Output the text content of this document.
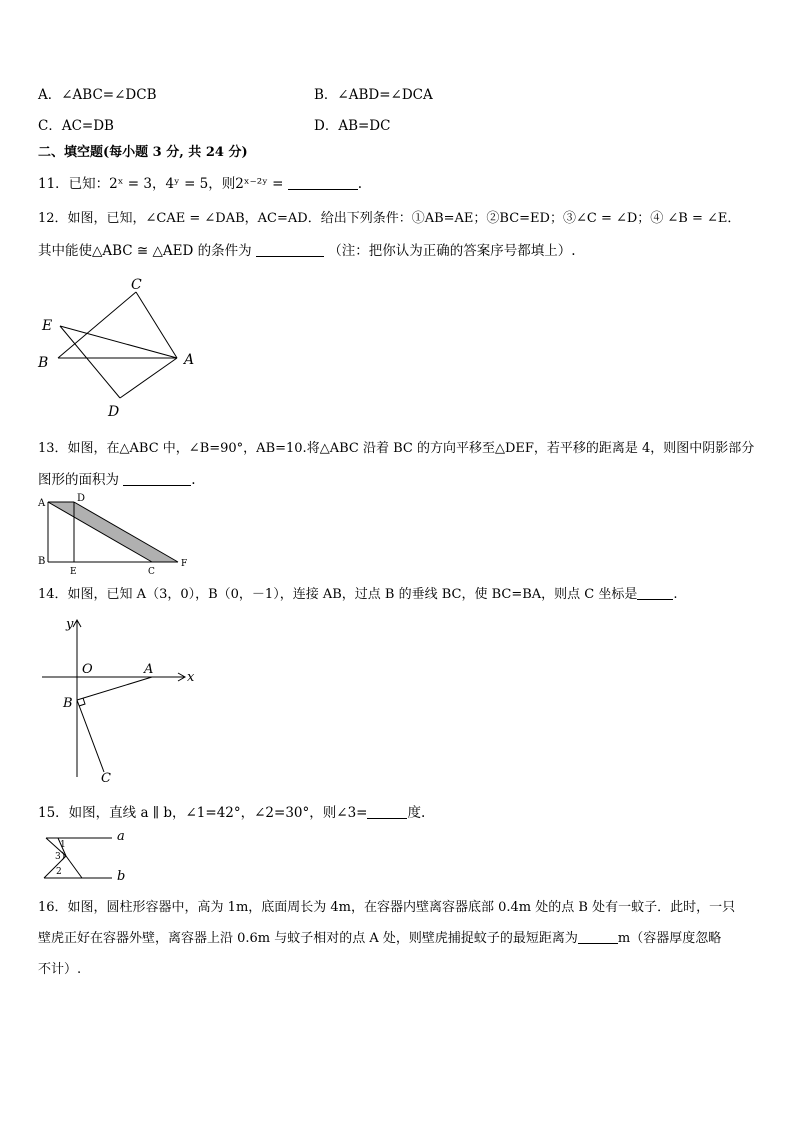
A．∠ABC=∠DCB	B．∠ABD=∠DCA
C．AC=DB	D．AB=DC
二、填空题(每小题 3 分, 共 24 分)
11．已知：2ˣ = 3，4ʸ = 5，则2ˣ⁻²ʸ =	.
12．如图，已知，∠CAE = ∠DAB，AC=AD．给出下列条件：①AB=AE；②BC=ED；③∠C = ∠D；④ ∠B = ∠E．
其中能使△ABC ≅ △AED 的条件为	（注：把你认为正确的答案序号都填上）.
C
E
B	A
D
13．如图，在△ABC 中，∠B=90°，AB=10.将△ABC 沿着 BC 的方向平移至△DEF，若平移的距离是 4，则图中阴影部分
图形的面积为	.
A	D
B
E	C
F
14．如图，已知 A（3，0），B（0，－1），连接 AB，过点 B 的垂线 BC，使 BC=BA，则点 C 坐标是	.
y
x
O	A
B
C
15．如图，直线 a ∥ b，∠1=42°，∠2=30°，则∠3=	度.
a
b
1
3
2
16．如图，圆柱形容器中，高为 1m，底面周长为 4m，在容器内壁离容器底部 0.4m 处的点 B 处有一蚊子．此时，一只
壁虎正好在容器外壁，离容器上沿 0.6m 与蚊子相对的点 A 处，则壁虎捕捉蚊子的最短距离为	m（容器厚度忽略
不计）.
